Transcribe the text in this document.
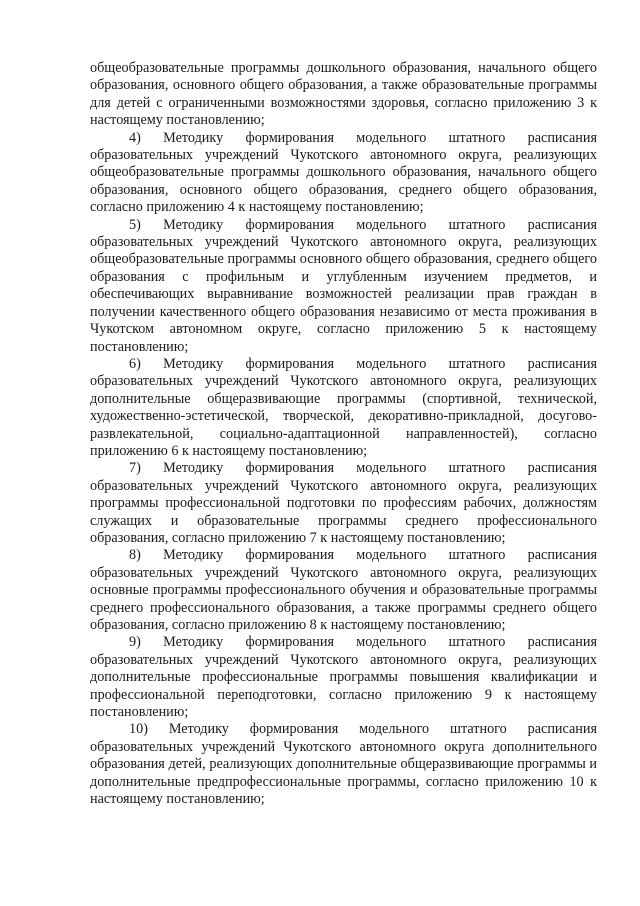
общеобразовательные программы дошкольного образования, начального общего образования, основного общего образования, а также образовательные программы для детей с ограниченными возможностями здоровья, согласно приложению 3 к настоящему постановлению;

4) Методику формирования модельного штатного расписания образовательных учреждений Чукотского автономного округа, реализующих общеобразовательные программы дошкольного образования, начального общего образования, основного общего образования, среднего общего образования, согласно приложению 4 к настоящему постановлению;

5) Методику формирования модельного штатного расписания образовательных учреждений Чукотского автономного округа, реализующих общеобразовательные программы основного общего образования, среднего общего образования с профильным и углубленным изучением предметов, и обеспечивающих выравнивание возможностей реализации прав граждан в получении качественного общего образования независимо от места проживания в Чукотском автономном округе, согласно приложению 5 к настоящему постановлению;

6) Методику формирования модельного штатного расписания образовательных учреждений Чукотского автономного округа, реализующих дополнительные общеразвивающие программы (спортивной, технической, художественно-эстетической, творческой, декоративно-прикладной, досугово-развлекательной, социально-адаптационной направленностей), согласно приложению 6 к настоящему постановлению;

7) Методику формирования модельного штатного расписания образовательных учреждений Чукотского автономного округа, реализующих программы профессиональной подготовки по профессиям рабочих, должностям служащих и образовательные программы среднего профессионального образования, согласно приложению 7 к настоящему постановлению;

8) Методику формирования модельного штатного расписания образовательных учреждений Чукотского автономного округа, реализующих основные программы профессионального обучения и образовательные программы среднего профессионального образования, а также программы среднего общего образования, согласно приложению 8 к настоящему постановлению;

9) Методику формирования модельного штатного расписания образовательных учреждений Чукотского автономного округа, реализующих дополнительные профессиональные программы повышения квалификации и профессиональной переподготовки, согласно приложению 9 к настоящему постановлению;

10) Методику формирования модельного штатного расписания образовательных учреждений Чукотского автономного округа дополнительного образования детей, реализующих дополнительные общеразвивающие программы и дополнительные предпрофессиональные программы, согласно приложению 10 к настоящему постановлению;
